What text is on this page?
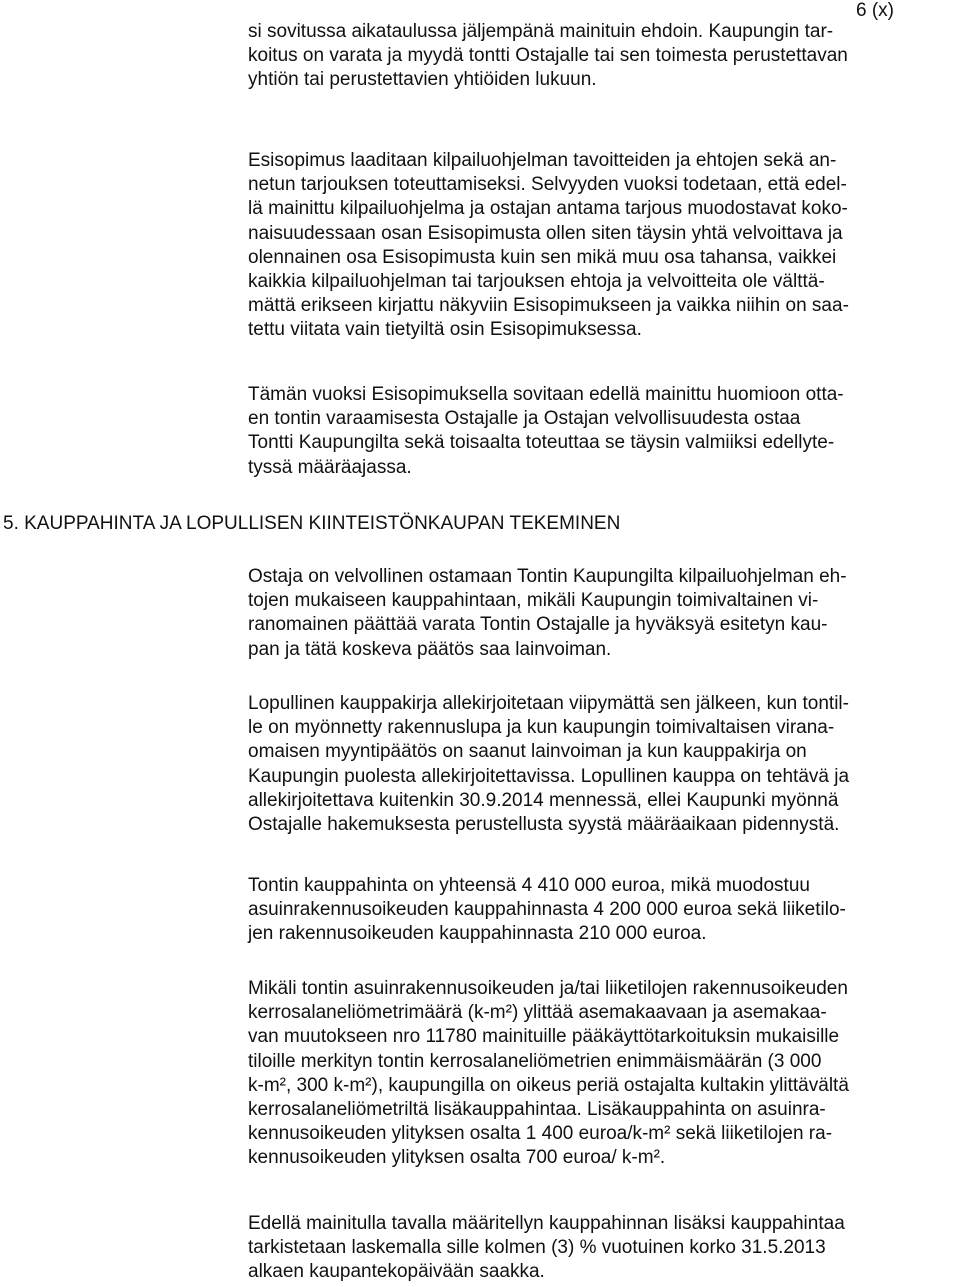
6 (x)

si sovitussa aikataulussa jäljempänä mainituin ehdoin. Kaupungin tar-
koitus on varata ja myydä tontti Ostajalle tai sen toimesta perustettavan
yhtiön tai perustettavien yhtiöiden lukuun.
Esisopimus laaditaan kilpailuohjelman tavoitteiden ja ehtojen sekä an-
netun tarjouksen toteuttamiseksi. Selvyyden vuoksi todetaan, että edel-
lä mainittu kilpailuohjelma ja ostajan antama tarjous muodostavat koko-
naisuudessaan osan Esisopimusta ollen siten täysin yhtä velvoittava ja
olennainen osa Esisopimusta kuin sen mikä muu osa tahansa, vaikkei
kaikkia kilpailuohjelman tai tarjouksen ehtoja ja velvoitteita ole välttä-
mättä erikseen kirjattu näkyviin Esisopimukseen ja vaikka niihin on saa-
tettu viitata vain tietyiltä osin Esisopimuksessa.
Tämän vuoksi Esisopimuksella sovitaan edellä mainittu huomioon otta-
en tontin varaamisesta Ostajalle ja Ostajan velvollisuudesta ostaa
Tontti Kaupungilta sekä toisaalta toteuttaa se täysin valmiiksi edellyte-
tyssä määräajassa.
5. KAUPPAHINTA JA LOPULLISEN KIINTEISTÖNKAUPAN TEKEMINEN
Ostaja on velvollinen ostamaan Tontin Kaupungilta kilpailuohjelman eh-
tojen mukaiseen kauppahintaan, mikäli Kaupungin toimivaltainen vi-
ranomainen päättää varata Tontin Ostajalle ja hyväksyä esitetyn kau-
pan ja tätä koskeva päätös saa lainvoiman.
Lopullinen kauppakirja allekirjoitetaan viipymättä sen jälkeen, kun tontil-
le on myönnetty rakennuslupa ja kun kaupungin toimivaltaisen virana-
omaisen myyntipäätös on saanut lainvoiman ja kun kauppakirja on
Kaupungin puolesta allekirjoitettavissa. Lopullinen kauppa on tehtävä ja
allekirjoitettava kuitenkin 30.9.2014 mennessä, ellei Kaupunki myönnä
Ostajalle hakemuksesta perustellusta syystä määräaikaan pidennystä.
Tontin kauppahinta on yhteensä 4 410 000 euroa, mikä muodostuu
asuinrakennusoikeuden kauppahinnasta 4 200 000 euroa sekä liiketilo-
jen rakennusoikeuden kauppahinnasta 210 000 euroa.
Mikäli tontin asuinrakennusoikeuden ja/tai liiketilojen rakennusoikeuden
kerrosalaneliömetrimäärä (k-m²) ylittää asemakaavaan ja asemakaa-
van muutokseen nro 11780 mainituille pääkäyttötarkoituksin mukaisille
tiloille merkityn tontin kerrosalaneliömetrien enimmäismäärän (3 000
k-m², 300 k-m²), kaupungilla on oikeus periä ostajalta kultakin ylittävältä
kerrosalaneliömetriltä lisäkauppahintaa. Lisäkauppahinta on asuinra-
kennusoikeuden ylityksen osalta 1 400 euroa/k-m² sekä liiketilojen ra-
kennusoikeuden ylityksen osalta 700 euroa/ k-m².
Edellä mainitulla tavalla määritellyn kauppahinnan lisäksi kauppahintaa
tarkistetaan laskemalla sille kolmen (3) % vuotuinen korko 31.5.2013
alkaen kaupantekopäivään saakka.
